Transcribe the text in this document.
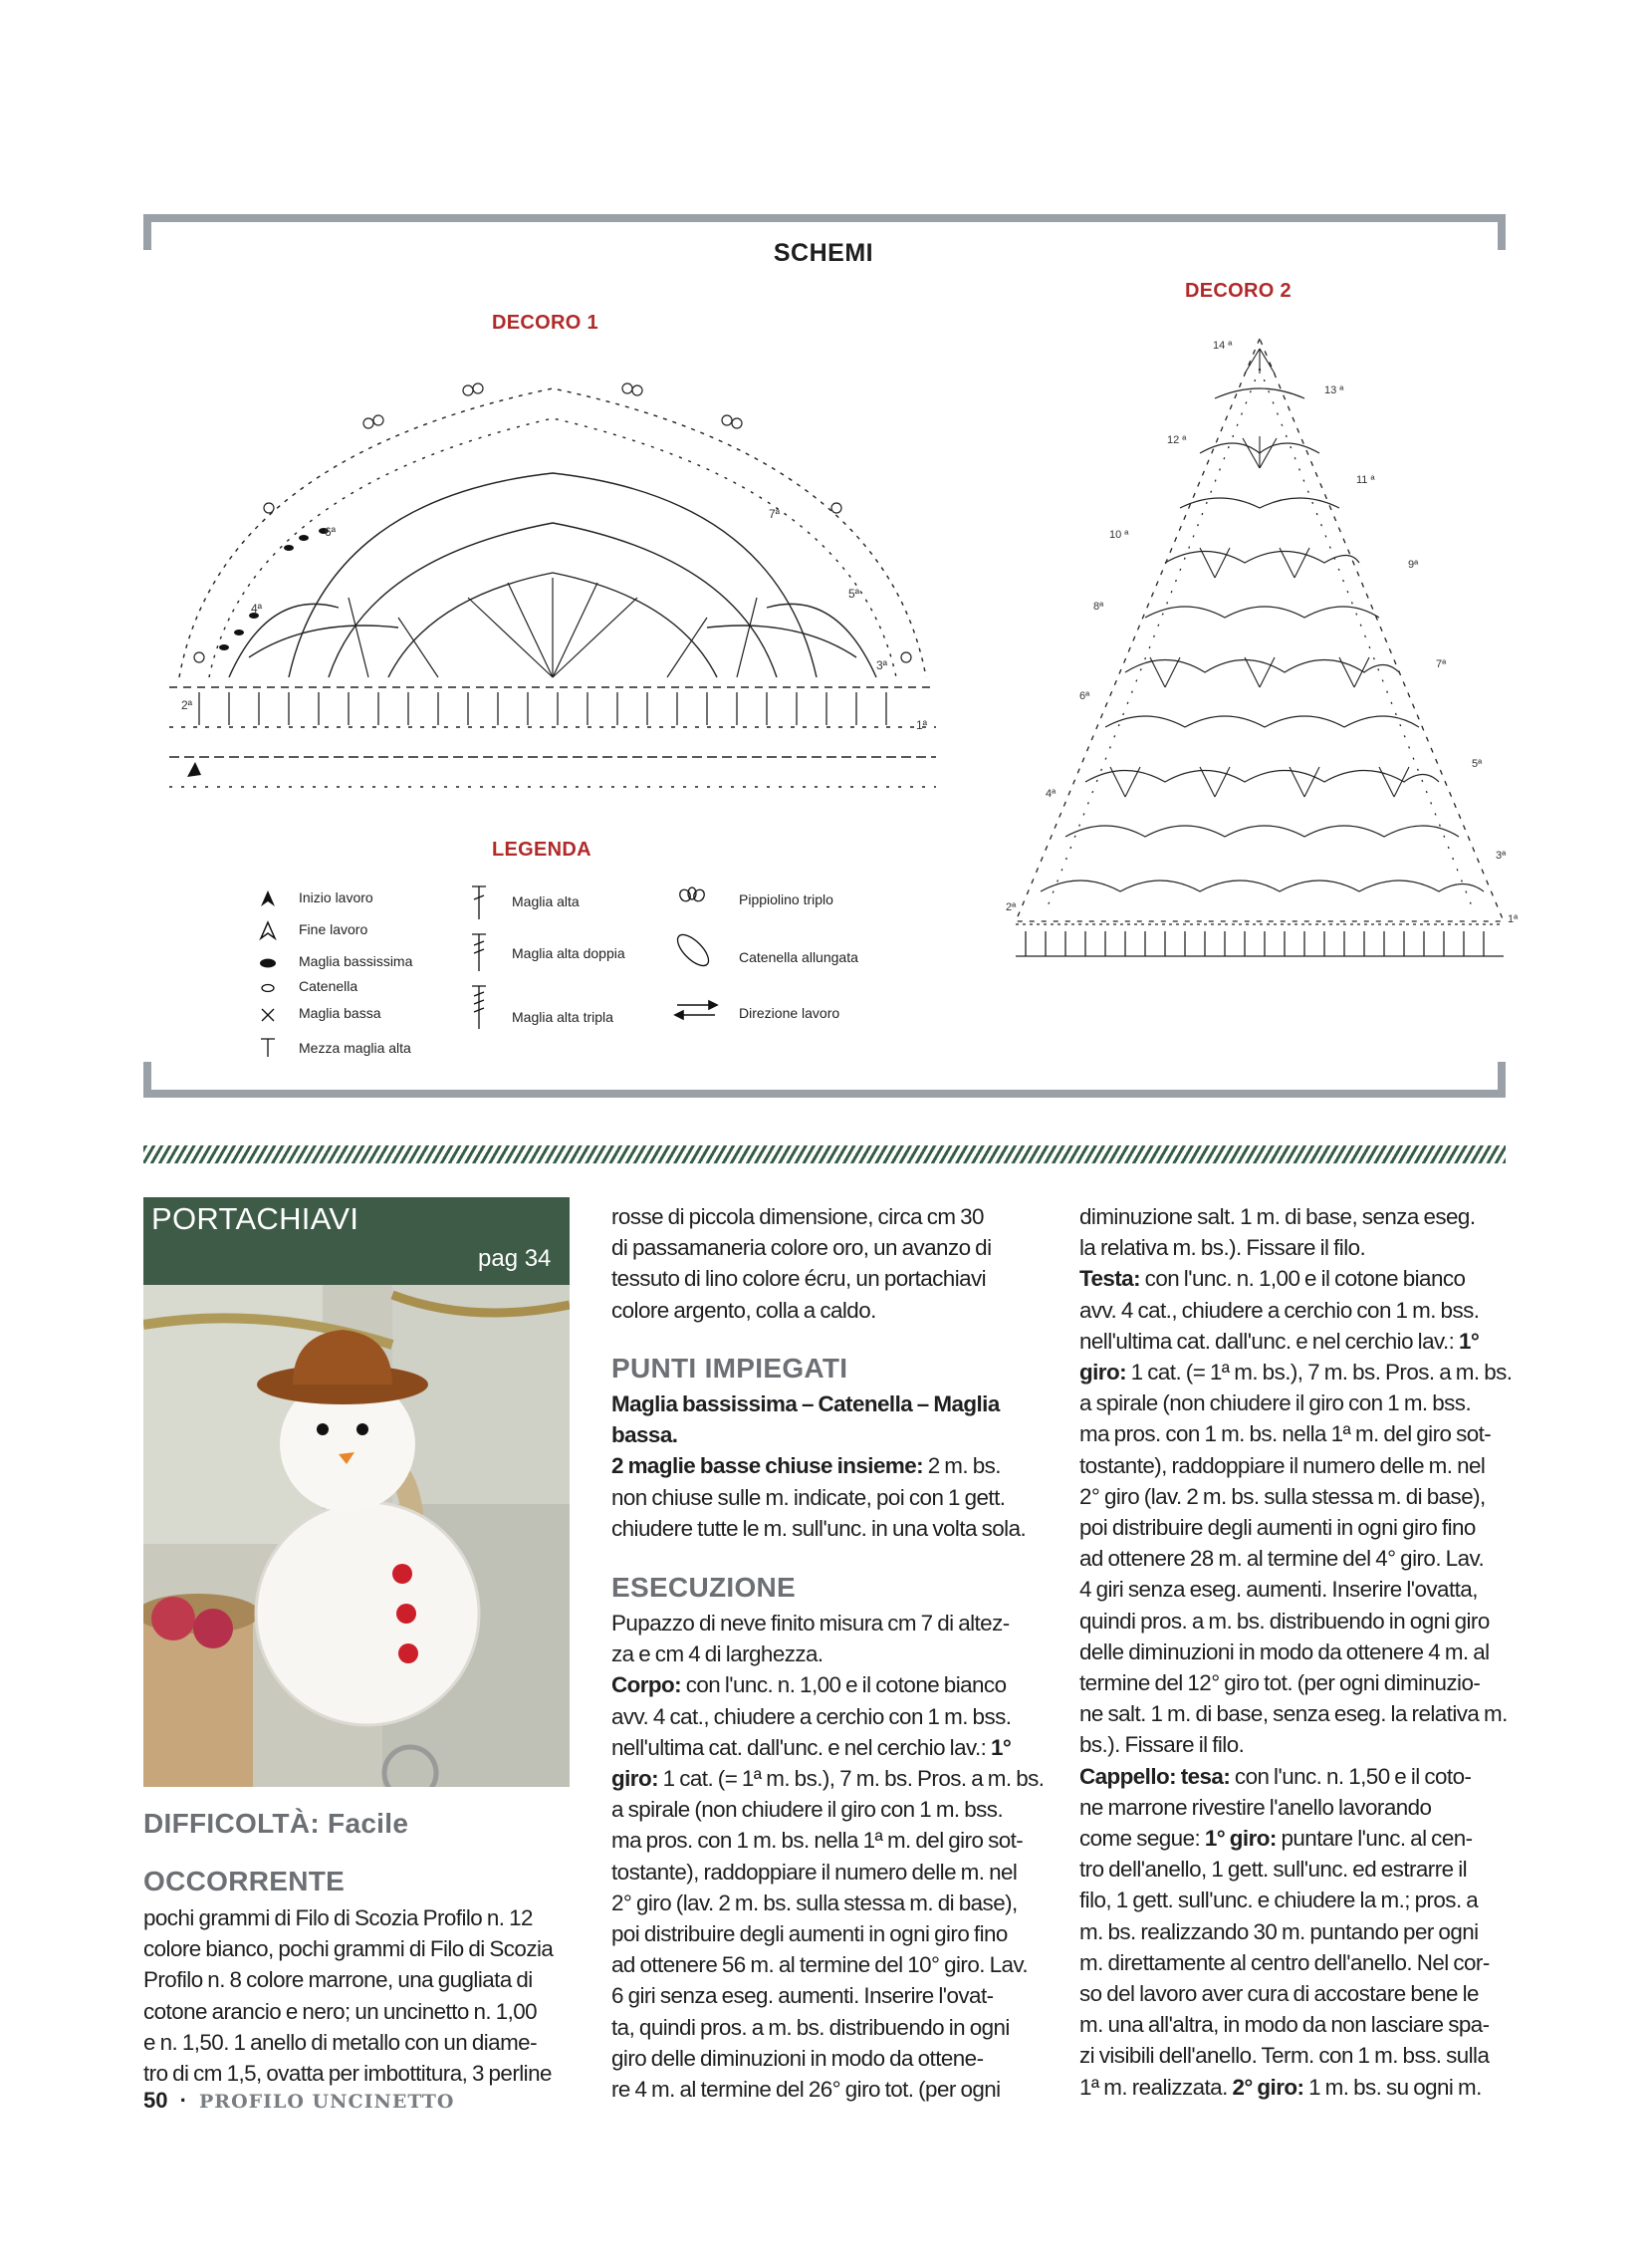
SCHEMI
DECORO 1
DECORO 2
2ª
4ª
6ª
7ª
5ª
3ª
1ª
14 ª
13 ª
12 ª
11 ª
10 ª
9ª
8ª
7ª
6ª
5ª
4ª
3ª
2ª
1ª
LEGENDA
Inizio lavoro
Fine lavoro
Maglia bassissima
Catenella
Maglia bassa
Mezza maglia alta
Maglia alta
Maglia alta doppia
Maglia alta tripla
Pippiolino triplo
Catenella allungata
Direzione lavoro
PORTACHIAVI
pag 34
DIFFICOLTÀ: Facile
OCCORRENTE
pochi grammi di Filo di Scozia Profilo n. 12
colore bianco, pochi grammi di Filo di Scozia
Profilo n. 8 colore marrone, una gugliata di
cotone arancio e nero; un uncinetto n. 1,00
e n. 1,50. 1 anello di metallo con un diame-
tro di cm 1,5, ovatta per imbottitura, 3 perline
rosse di piccola dimensione, circa cm 30
di passamaneria colore oro, un avanzo di
tessuto di lino colore écru, un portachiavi
colore argento, colla a caldo.
PUNTI IMPIEGATI
Maglia bassissima – Catenella – Maglia
bassa.
2 maglie basse chiuse insieme: 2 m. bs.
non chiuse sulle m. indicate, poi con 1 gett.
chiudere tutte le m. sull'unc. in una volta sola.
ESECUZIONE
Pupazzo di neve finito misura cm 7 di altez-
za e cm 4 di larghezza.
Corpo: con l'unc. n. 1,00 e il cotone bianco
avv. 4 cat., chiudere a cerchio con 1 m. bss.
nell'ultima cat. dall'unc. e nel cerchio lav.: 1°
giro: 1 cat. (= 1ª m. bs.), 7 m. bs. Pros. a m. bs.
a spirale (non chiudere il giro con 1 m. bss.
ma pros. con 1 m. bs. nella 1ª m. del giro sot-
tostante), raddoppiare il numero delle m. nel
2° giro (lav. 2 m. bs. sulla stessa m. di base),
poi distribuire degli aumenti in ogni giro fino
ad ottenere 56 m. al termine del 10° giro. Lav.
6 giri senza eseg. aumenti. Inserire l'ovat-
ta, quindi pros. a m. bs. distribuendo in ogni
giro delle diminuzioni in modo da ottene-
re 4 m. al termine del 26° giro tot. (per ogni
diminuzione salt. 1 m. di base, senza eseg.
la relativa m. bs.). Fissare il filo.
Testa: con l'unc. n. 1,00 e il cotone bianco
avv. 4 cat., chiudere a cerchio con 1 m. bss.
nell'ultima cat. dall'unc. e nel cerchio lav.: 1°
giro: 1 cat. (= 1ª m. bs.), 7 m. bs. Pros. a m. bs.
a spirale (non chiudere il giro con 1 m. bss.
ma pros. con 1 m. bs. nella 1ª m. del giro sot-
tostante), raddoppiare il numero delle m. nel
2° giro (lav. 2 m. bs. sulla stessa m. di base),
poi distribuire degli aumenti in ogni giro fino
ad ottenere 28 m. al termine del 4° giro. Lav.
4 giri senza eseg. aumenti. Inserire l'ovatta,
quindi pros. a m. bs. distribuendo in ogni giro
delle diminuzioni in modo da ottenere 4 m. al
termine del 12° giro tot. (per ogni diminuzio-
ne salt. 1 m. di base, senza eseg. la relativa m.
bs.). Fissare il filo.
Cappello: tesa: con l'unc. n. 1,50 e il coto-
ne marrone rivestire l'anello lavorando
come segue: 1° giro: puntare l'unc. al cen-
tro dell'anello, 1 gett. sull'unc. ed estrarre il
filo, 1 gett. sull'unc. e chiudere la m.; pros. a
m. bs. realizzando 30 m. puntando per ogni
m. direttamente al centro dell'anello. Nel cor-
so del lavoro aver cura di accostare bene le
m. una all'altra, in modo da non lasciare spa-
zi visibili dell'anello. Term. con 1 m. bss. sulla
1ª m. realizzata. 2° giro: 1 m. bs. su ogni m.
50 · PROFILO UNCINETTO
